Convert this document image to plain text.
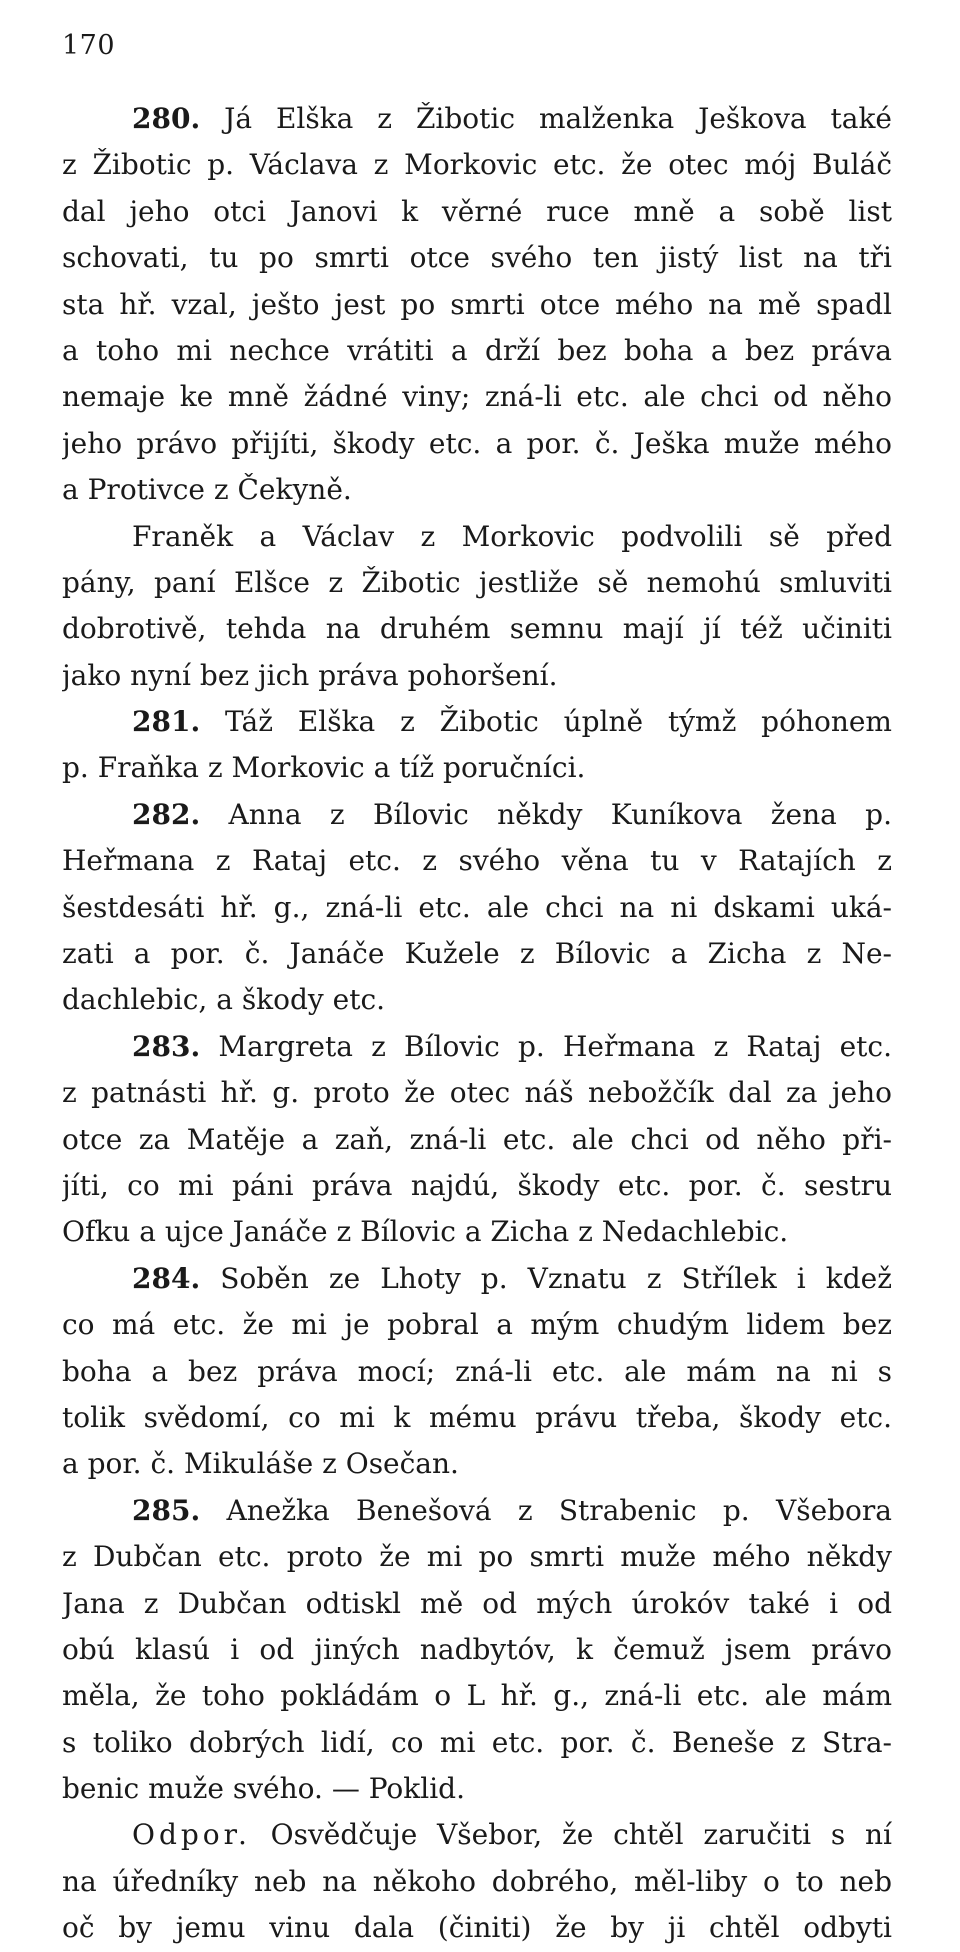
170
280. Já Elška z Žibotic malženka Ješkova také
z Žibotic p. Václava z Morkovic etc. že otec mój Buláč
dal jeho otci Janovi k věrné ruce mně a sobě list
schovati, tu po smrti otce svého ten jistý list na tři
sta hř. vzal, ješto jest po smrti otce mého na mě spadl
a toho mi nechce vrátiti a drží bez boha a bez práva
nemaje ke mně žádné viny; zná-li etc. ale chci od něho
jeho právo přijíti, škody etc. a por. č. Ješka muže mého
a Protivce z Čekyně.
Franěk a Václav z Morkovic podvolili sě před
pány, paní Elšce z Žibotic jestliže sě nemohú smluviti
dobrotivě, tehda na druhém semnu mají jí též učiniti
jako nyní bez jich práva pohoršení.
281. Táž Elška z Žibotic úplně týmž póhonem
p. Fraňka z Morkovic a tíž poručníci.
282. Anna z Bílovic někdy Kuníkova žena p.
Heřmana z Rataj etc. z svého věna tu v Ratajích z
šestdesáti hř. g., zná-li etc. ale chci na ni dskami uká-
zati a por. č. Janáče Kužele z Bílovic a Zicha z Ne-
dachlebic, a škody etc.
283. Margreta z Bílovic p. Heřmana z Rataj etc.
z patnásti hř. g. proto že otec náš nebožčík dal za jeho
otce za Matěje a zaň, zná-li etc. ale chci od něho při-
jíti, co mi páni práva najdú, škody etc. por. č. sestru
Ofku a ujce Janáče z Bílovic a Zicha z Nedachlebic.
284. Soběn ze Lhoty p. Vznatu z Střílek i kdež
co má etc. že mi je pobral a mým chudým lidem bez
boha a bez práva mocí; zná-li etc. ale mám na ni s
tolik svědomí, co mi k mému právu třeba, škody etc.
a por. č. Mikuláše z Osečan.
285. Anežka Benešová z Strabenic p. Všebora
z Dubčan etc. proto že mi po smrti muže mého někdy
Jana z Dubčan odtiskl mě od mých úrokóv také i od
obú klasú i od jiných nadbytóv, k čemuž jsem právo
měla, že toho pokládám o L hř. g., zná-li etc. ale mám
s toliko dobrých lidí, co mi etc. por. č. Beneše z Stra-
benic muže svého. — Poklid.
Odpor. Osvědčuje Všebor, že chtěl zaručiti s ní
na úředníky neb na někoho dobrého, měl-liby o to neb
oč by jemu vinu dala (činiti) že by ji chtěl odbyti
